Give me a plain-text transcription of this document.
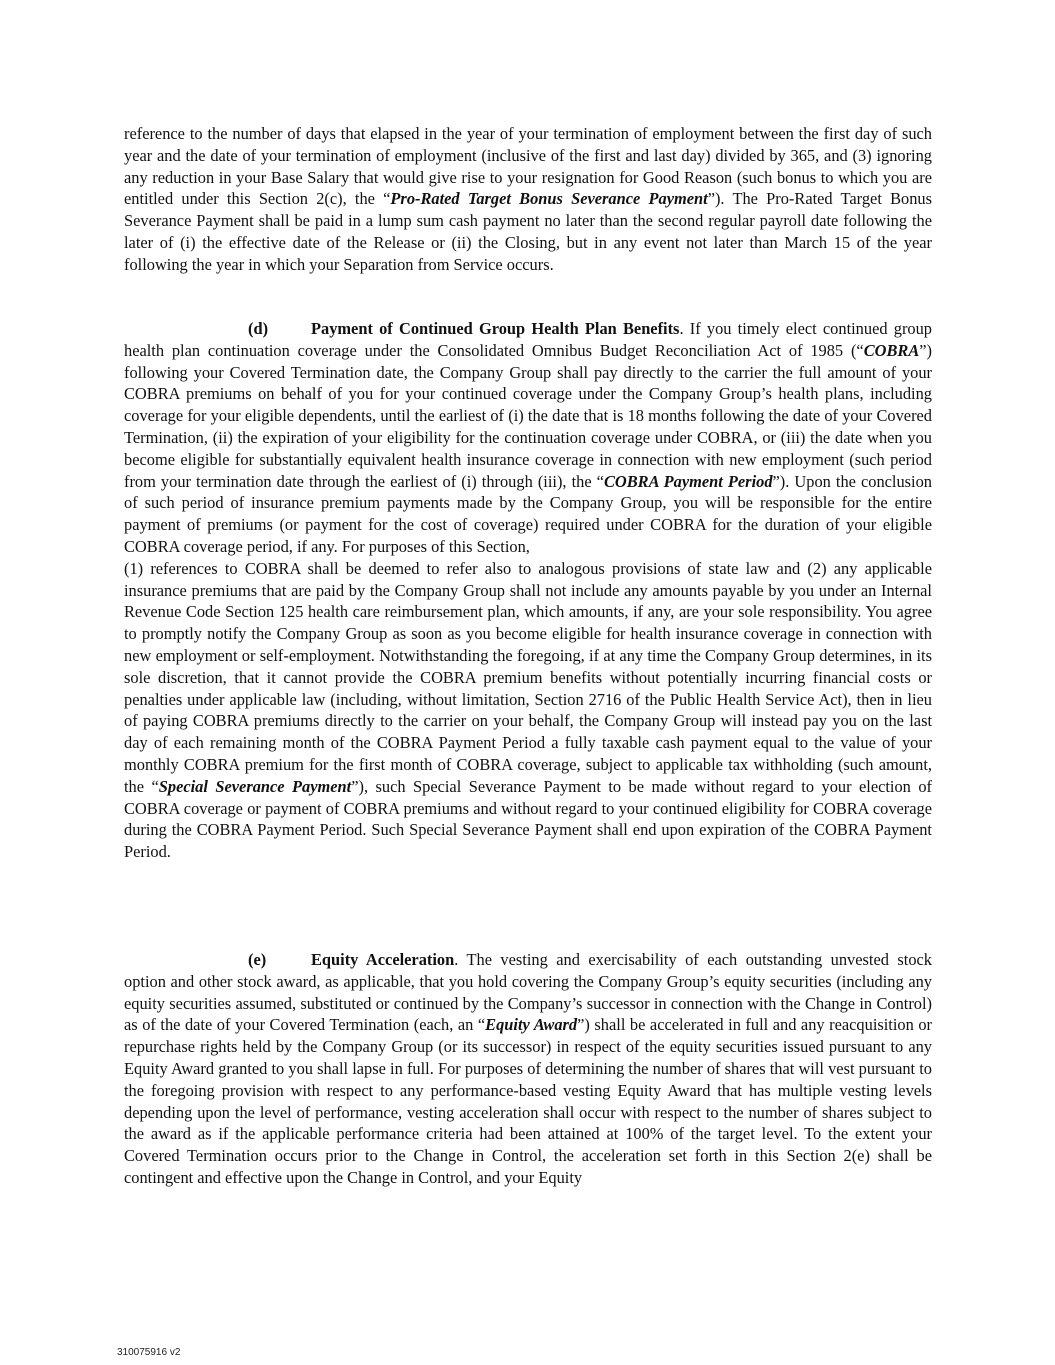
reference to the number of days that elapsed in the year of your termination of employment between the first day of such year and the date of your termination of employment (inclusive of the first and last day) divided by 365, and (3) ignoring any reduction in your Base Salary that would give rise to your resignation for Good Reason (such bonus to which you are entitled under this Section 2(c), the “Pro-Rated Target Bonus Severance Payment”). The Pro-Rated Target Bonus Severance Payment shall be paid in a lump sum cash payment no later than the second regular payroll date following the later of (i) the effective date of the Release or (ii) the Closing, but in any event not later than March 15 of the year following the year in which your Separation from Service occurs.

(d)	Payment of Continued Group Health Plan Benefits. If you timely elect continued group health plan continuation coverage under the Consolidated Omnibus Budget Reconciliation Act of 1985 (“COBRA”) following your Covered Termination date, the Company Group shall pay directly to the carrier the full amount of your COBRA premiums on behalf of you for your continued coverage under the Company Group’s health plans, including coverage for your eligible dependents, until the earliest of (i) the date that is 18 months following the date of your Covered Termination, (ii) the expiration of your eligibility for the continuation coverage under COBRA, or (iii) the date when you become eligible for substantially equivalent health insurance coverage in connection with new employment (such period from your termination date through the earliest of (i) through (iii), the “COBRA Payment Period”). Upon the conclusion of such period of insurance premium payments made by the Company Group, you will be responsible for the entire payment of premiums (or payment for the cost of coverage) required under COBRA for the duration of your eligible COBRA coverage period, if any. For purposes of this Section,
(1) references to COBRA shall be deemed to refer also to analogous provisions of state law and (2) any applicable insurance premiums that are paid by the Company Group shall not include any amounts payable by you under an Internal Revenue Code Section 125 health care reimbursement plan, which amounts, if any, are your sole responsibility. You agree to promptly notify the Company Group as soon as you become eligible for health insurance coverage in connection with new employment or self-employment. Notwithstanding the foregoing, if at any time the Company Group determines, in its sole discretion, that it cannot provide the COBRA premium benefits without potentially incurring financial costs or penalties under applicable law (including, without limitation, Section 2716 of the Public Health Service Act), then in lieu of paying COBRA premiums directly to the carrier on your behalf, the Company Group will instead pay you on the last day of each remaining month of the COBRA Payment Period a fully taxable cash payment equal to the value of your monthly COBRA premium for the first month of COBRA coverage, subject to applicable tax withholding (such amount, the “Special Severance Payment”), such Special Severance Payment to be made without regard to your election of COBRA coverage or payment of COBRA premiums and without regard to your continued eligibility for COBRA coverage during the COBRA Payment Period. Such Special Severance Payment shall end upon expiration of the COBRA Payment Period.

(e)	Equity Acceleration. The vesting and exercisability of each outstanding unvested stock option and other stock award, as applicable, that you hold covering the Company Group’s equity securities (including any equity securities assumed, substituted or continued by the Company’s successor in connection with the Change in Control) as of the date of your Covered Termination (each, an “Equity Award”) shall be accelerated in full and any reacquisition or repurchase rights held by the Company Group (or its successor) in respect of the equity securities issued pursuant to any Equity Award granted to you shall lapse in full. For purposes of determining the number of shares that will vest pursuant to the foregoing provision with respect to any performance-based vesting Equity Award that has multiple vesting levels depending upon the level of performance, vesting acceleration shall occur with respect to the number of shares subject to the award as if the applicable performance criteria had been attained at 100% of the target level. To the extent your Covered Termination occurs prior to the Change in Control, the acceleration set forth in this Section 2(e) shall be contingent and effective upon the Change in Control, and your Equity

310075916 v2
